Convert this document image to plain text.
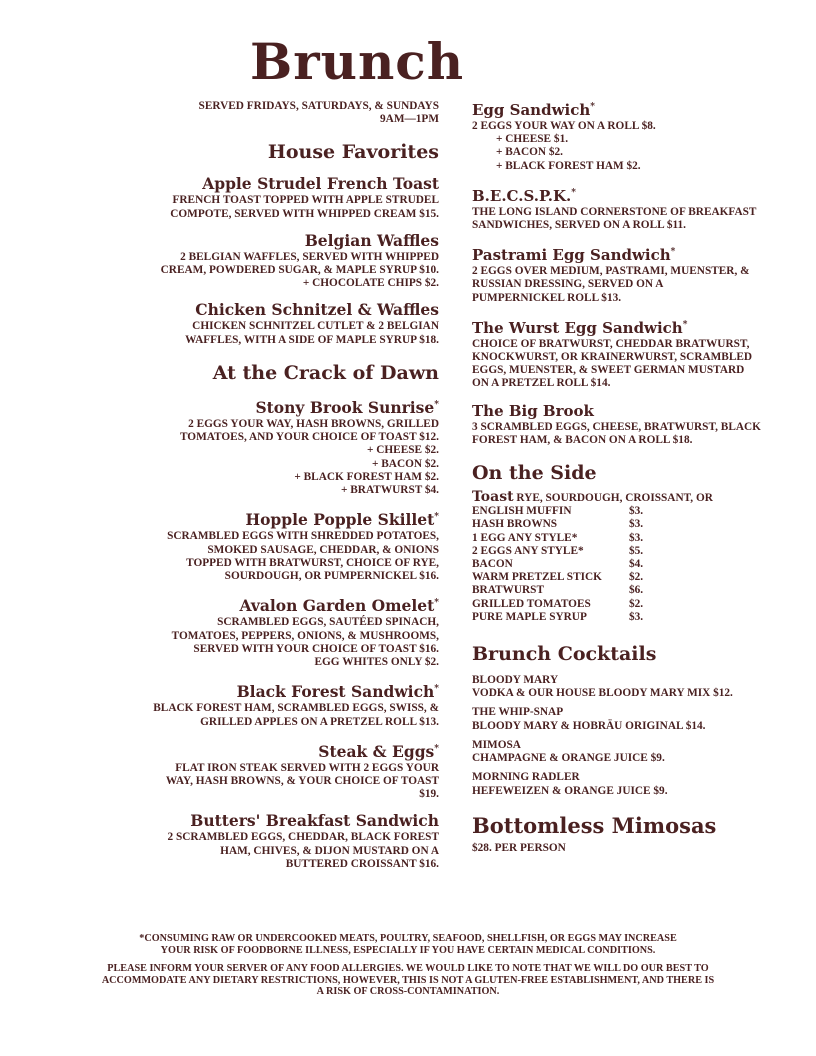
Brunch
SERVED FRIDAYS, SATURDAYS, & SUNDAYS
9AM—1PM
House Favorites
Apple Strudel French Toast
FRENCH TOAST TOPPED WITH APPLE STRUDEL
COMPOTE, SERVED WITH WHIPPED CREAM $15.
Belgian Waffles
2 BELGIAN WAFFLES, SERVED WITH WHIPPED
CREAM, POWDERED SUGAR, & MAPLE SYRUP $10.
+ CHOCOLATE CHIPS $2.
Chicken Schnitzel & Waffles
CHICKEN SCHNITZEL CUTLET & 2 BELGIAN
WAFFLES, WITH A SIDE OF MAPLE SYRUP $18.
At the Crack of Dawn
Stony Brook Sunrise*
2 EGGS YOUR WAY, HASH BROWNS, GRILLED
TOMATOES, AND YOUR CHOICE OF TOAST $12.
+ CHEESE $2.
+ BACON $2.
+ BLACK FOREST HAM $2.
+ BRATWURST $4.
Hopple Popple Skillet*
SCRAMBLED EGGS WITH SHREDDED POTATOES,
SMOKED SAUSAGE, CHEDDAR, & ONIONS
TOPPED WITH BRATWURST, CHOICE OF RYE,
SOURDOUGH, OR PUMPERNICKEL $16.
Avalon Garden Omelet*
SCRAMBLED EGGS, SAUTÉED SPINACH,
TOMATOES, PEPPERS, ONIONS, & MUSHROOMS,
SERVED WITH YOUR CHOICE OF TOAST $16.
EGG WHITES ONLY $2.
Black Forest Sandwich*
BLACK FOREST HAM, SCRAMBLED EGGS, SWISS, &
GRILLED APPLES ON A PRETZEL ROLL $13.
Steak & Eggs*
FLAT IRON STEAK SERVED WITH 2 EGGS YOUR
WAY, HASH BROWNS, & YOUR CHOICE OF TOAST
$19.
Butters' Breakfast Sandwich
2 SCRAMBLED EGGS, CHEDDAR, BLACK FOREST
HAM, CHIVES, & DIJON MUSTARD ON A
BUTTERED CROISSANT $16.
Egg Sandwich*
2 EGGS YOUR WAY ON A ROLL $8.
+ CHEESE $1.
+ BACON $2.
+ BLACK FOREST HAM $2.
B.E.C.S.P.K.*
THE LONG ISLAND CORNERSTONE OF BREAKFAST
SANDWICHES, SERVED ON A ROLL $11.
Pastrami Egg Sandwich*
2 EGGS OVER MEDIUM, PASTRAMI, MUENSTER, &
RUSSIAN DRESSING, SERVED ON A
PUMPERNICKEL ROLL $13.
The Wurst Egg Sandwich*
CHOICE OF BRATWURST, CHEDDAR BRATWURST,
KNOCKWURST, OR KRAINERWURST, SCRAMBLED
EGGS, MUENSTER, & SWEET GERMAN MUSTARD
ON A PRETZEL ROLL $14.
The Big Brook
3 SCRAMBLED EGGS, CHEESE, BRATWURST, BLACK
FOREST HAM, & BACON ON A ROLL $18.
On the Side
Toast RYE, SOURDOUGH, CROISSANT, OR
ENGLISH MUFFIN	$3.
HASH BROWNS	$3.
1 EGG ANY STYLE*	$3.
2 EGGS ANY STYLE*	$5.
BACON	$4.
WARM PRETZEL STICK	$2.
BRATWURST	$6.
GRILLED TOMATOES	$2.
PURE MAPLE SYRUP	$3.
Brunch Cocktails
BLOODY MARY
VODKA & OUR HOUSE BLOODY MARY MIX $12.
THE WHIP-SNAP
BLOODY MARY & HOBRÄU ORIGINAL $14.
MIMOSA
CHAMPAGNE & ORANGE JUICE $9.
MORNING RADLER
HEFEWEIZEN & ORANGE JUICE $9.
Bottomless Mimosas
$28. PER PERSON
*CONSUMING RAW OR UNDERCOOKED MEATS, POULTRY, SEAFOOD, SHELLFISH, OR EGGS MAY INCREASE
YOUR RISK OF FOODBORNE ILLNESS, ESPECIALLY IF YOU HAVE CERTAIN MEDICAL CONDITIONS.
PLEASE INFORM YOUR SERVER OF ANY FOOD ALLERGIES. WE WOULD LIKE TO NOTE THAT WE WILL DO OUR BEST TO
ACCOMMODATE ANY DIETARY RESTRICTIONS, HOWEVER, THIS IS NOT A GLUTEN-FREE ESTABLISHMENT, AND THERE IS
A RISK OF CROSS-CONTAMINATION.
